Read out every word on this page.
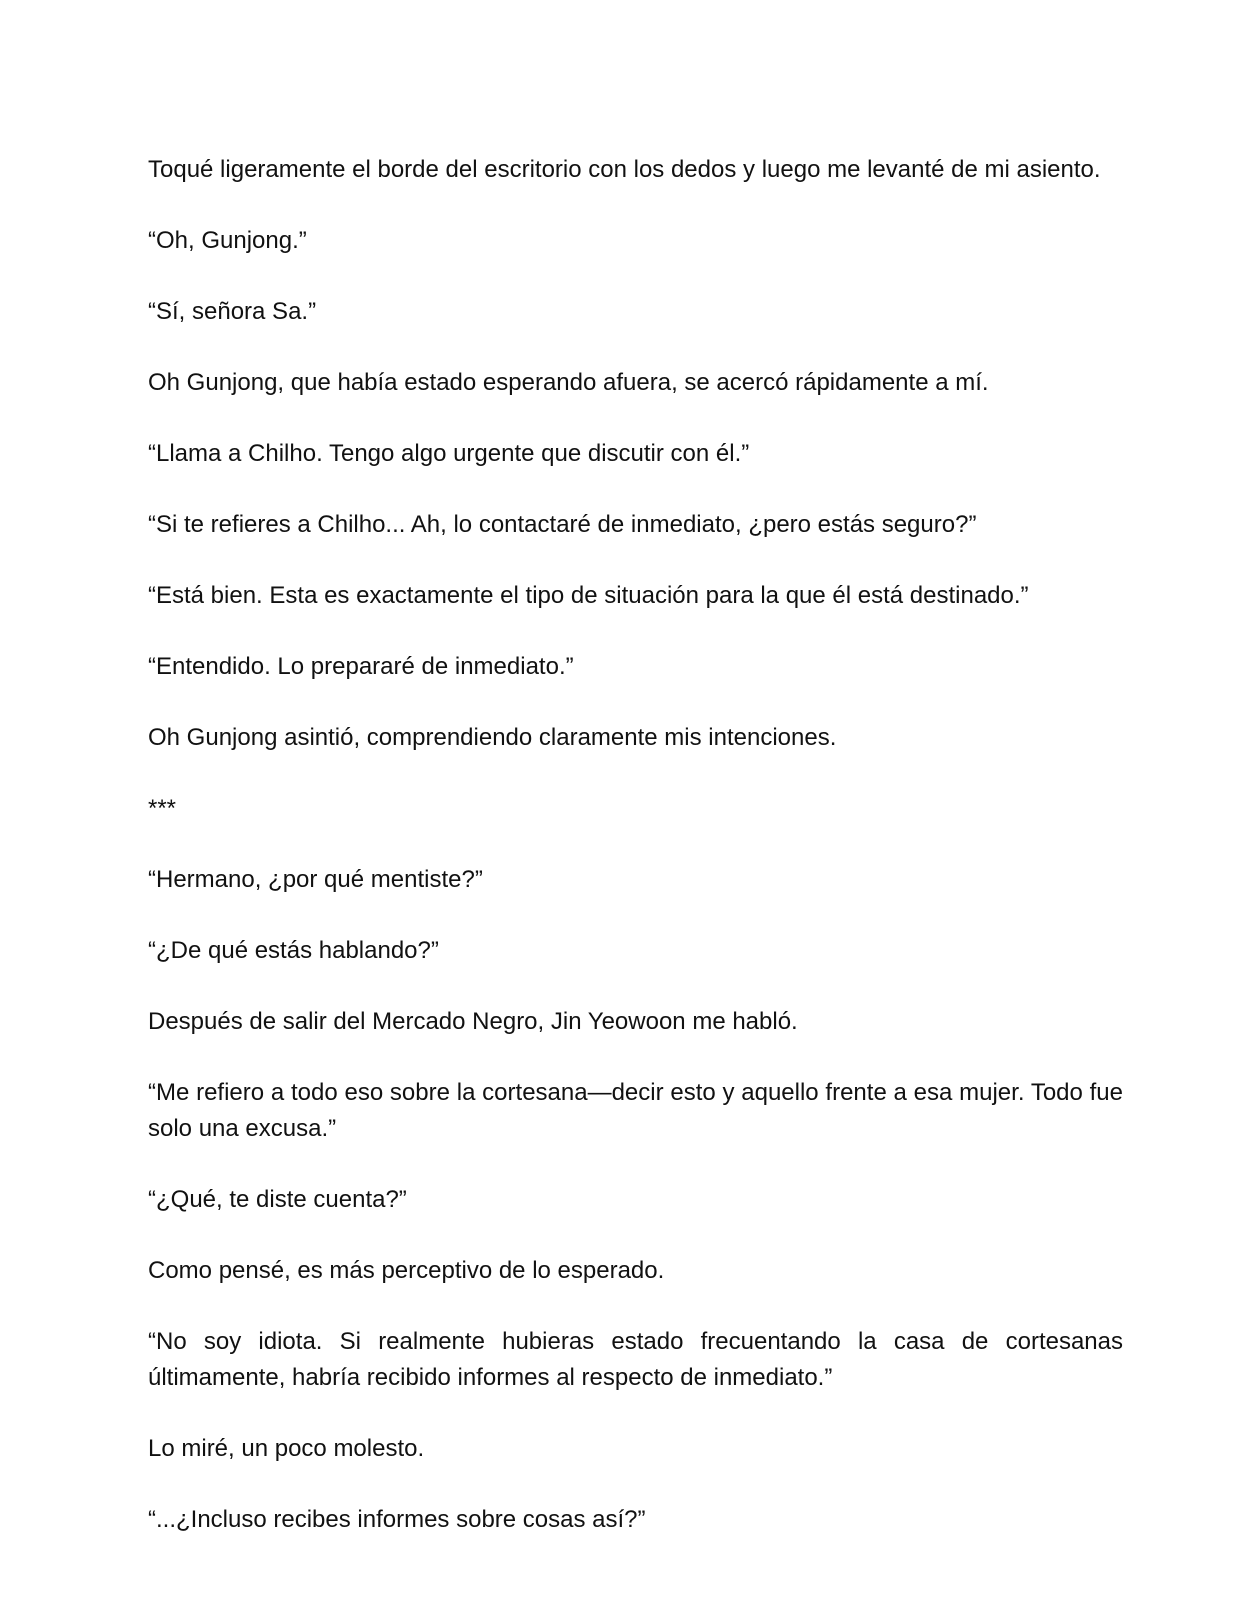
Toqué ligeramente el borde del escritorio con los dedos y luego me levanté de mi asiento.

“Oh, Gunjong.”

“Sí, señora Sa.”

Oh Gunjong, que había estado esperando afuera, se acercó rápidamente a mí.

“Llama a Chilho. Tengo algo urgente que discutir con él.”

“Si te refieres a Chilho... Ah, lo contactaré de inmediato, ¿pero estás seguro?”

“Está bien. Esta es exactamente el tipo de situación para la que él está destinado.”

“Entendido. Lo prepararé de inmediato.”

Oh Gunjong asintió, comprendiendo claramente mis intenciones.

***

“Hermano, ¿por qué mentiste?”

“¿De qué estás hablando?”

Después de salir del Mercado Negro, Jin Yeowoon me habló.

“Me refiero a todo eso sobre la cortesana—decir esto y aquello frente a esa mujer. Todo fue solo una excusa.”

“¿Qué, te diste cuenta?”

Como pensé, es más perceptivo de lo esperado.

“No soy idiota. Si realmente hubieras estado frecuentando la casa de cortesanas últimamente, habría recibido informes al respecto de inmediato.”

Lo miré, un poco molesto.

“...¿Incluso recibes informes sobre cosas así?”
